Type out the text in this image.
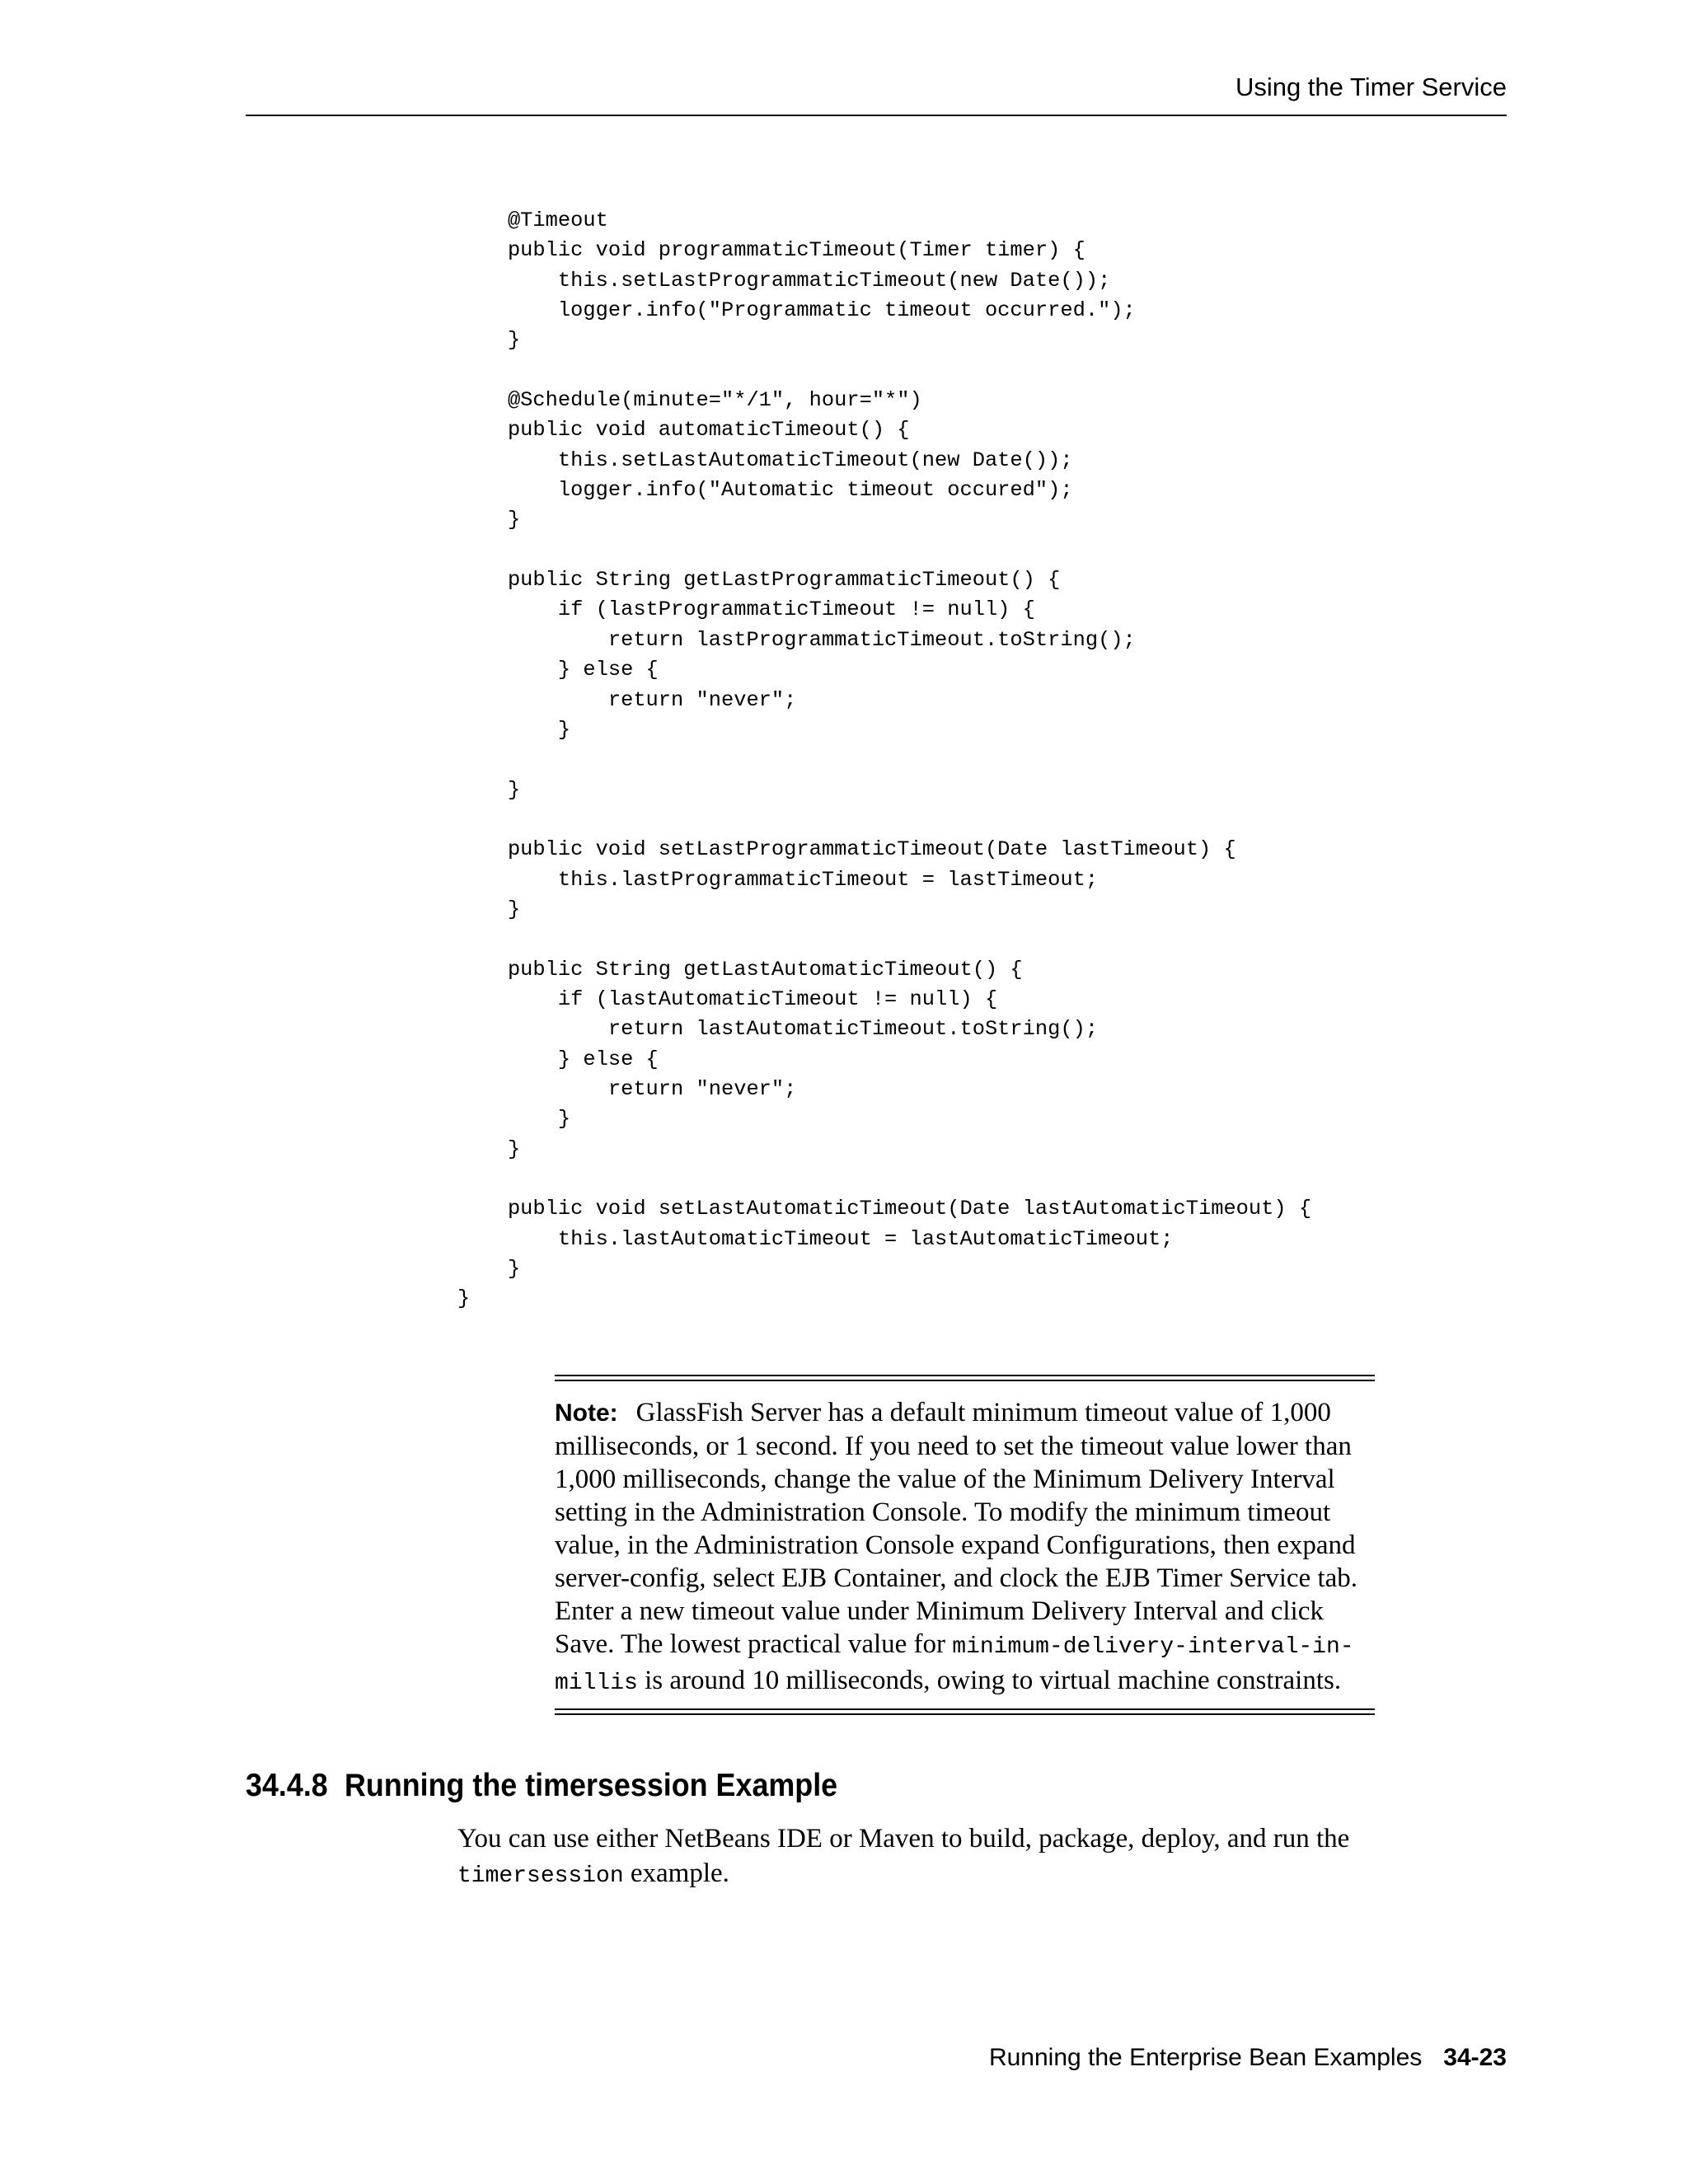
Using the Timer Service
@Timeout
public void programmaticTimeout(Timer timer) {
this.setLastProgrammaticTimeout(new Date());
logger.info("Programmatic timeout occurred.");
}
@Schedule(minute="*/1", hour="*")
public void automaticTimeout() {
this.setLastAutomaticTimeout(new Date());
logger.info("Automatic timeout occured");
}
public String getLastProgrammaticTimeout() {
if (lastProgrammaticTimeout != null) {
return lastProgrammaticTimeout.toString();
} else {
return "never";
}
}
public void setLastProgrammaticTimeout(Date lastTimeout) {
this.lastProgrammaticTimeout = lastTimeout;
}
public String getLastAutomaticTimeout() {
if (lastAutomaticTimeout != null) {
return lastAutomaticTimeout.toString();
} else {
return "never";
}
}
public void setLastAutomaticTimeout(Date lastAutomaticTimeout) {
this.lastAutomaticTimeout = lastAutomaticTimeout;
}
}
Note: GlassFish Server has a default minimum timeout value of 1,000 milliseconds, or 1 second. If you need to set the timeout value lower than 1,000 milliseconds, change the value of the Minimum Delivery Interval setting in the Administration Console. To modify the minimum timeout value, in the Administration Console expand Configurations, then expand server-config, select EJB Container, and clock the EJB Timer Service tab. Enter a new timeout value under Minimum Delivery Interval and click Save. The lowest practical value for minimum-delivery-interval-in-millis is around 10 milliseconds, owing to virtual machine constraints.
34.4.8 Running the timersession Example
You can use either NetBeans IDE or Maven to build, package, deploy, and run the timersession example.
Running the Enterprise Bean Examples 34-23
